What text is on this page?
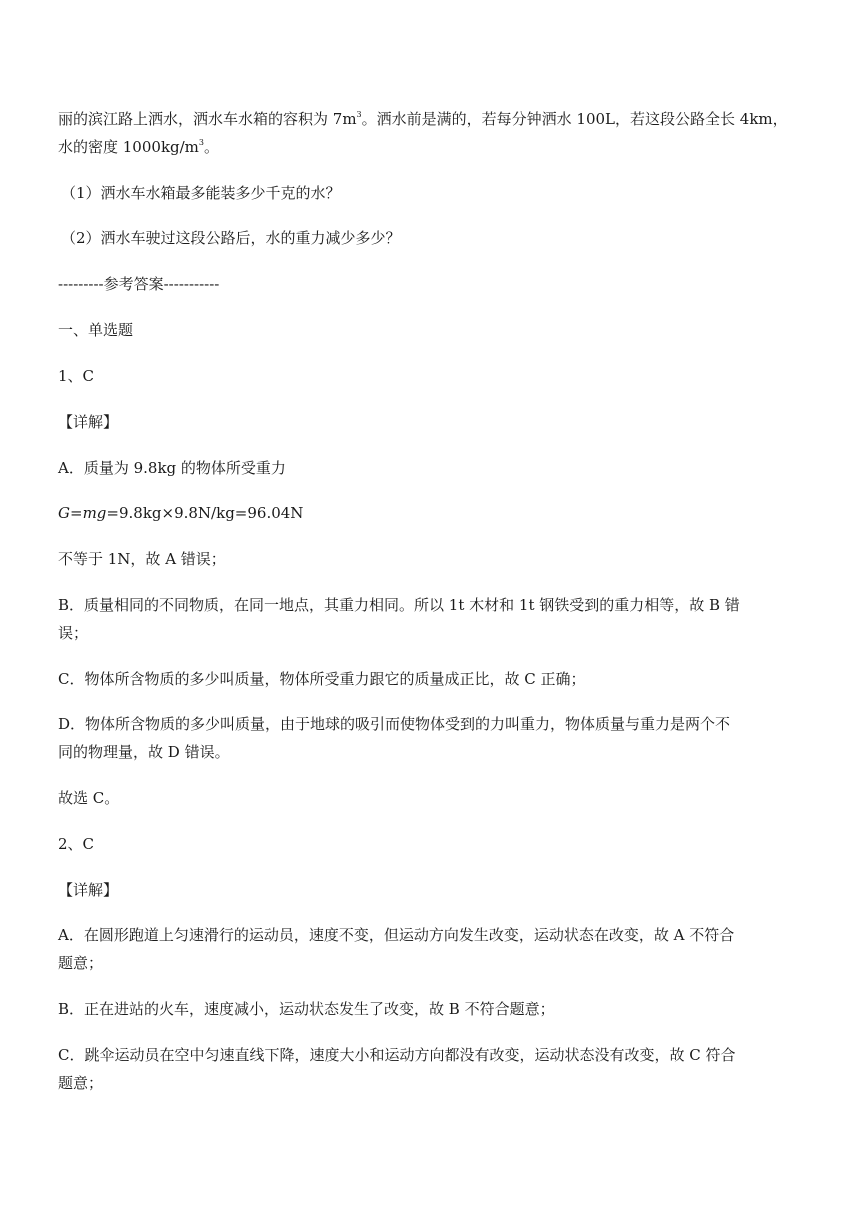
丽的滨江路上洒水，洒水车水箱的容积为 $7m^3$。洒水前是满的，若每分钟洒水 100L，若这段公路全长 4km，
水的密度 $1000kg/m^3$。
（1）洒水车水箱最多能装多少千克的水？
（2）洒水车驶过这段公路后，水的重力减少多少？
---------参考答案-----------
一、单选题
1、C
【详解】
A．质量为 9.8kg 的物体所受重力
G=mg=9.8kg×9.8N/kg=96.04N
不等于 1N，故 A 错误；
B．质量相同的不同物质，在同一地点，其重力相同。所以 1t 木材和 1t 钢铁受到的重力相等，故 B 错
误；
C．物体所含物质的多少叫质量，物体所受重力跟它的质量成正比，故 C 正确；
D．物体所含物质的多少叫质量，由于地球的吸引而使物体受到的力叫重力，物体质量与重力是两个不
同的物理量，故 D 错误。
故选 C。
2、C
【详解】
A．在圆形跑道上匀速滑行的运动员，速度不变，但运动方向发生改变，运动状态在改变，故 A 不符合
题意；
B．正在进站的火车，速度减小，运动状态发生了改变，故 B 不符合题意；
C．跳伞运动员在空中匀速直线下降，速度大小和运动方向都没有改变，运动状态没有改变，故 C 符合
题意；
